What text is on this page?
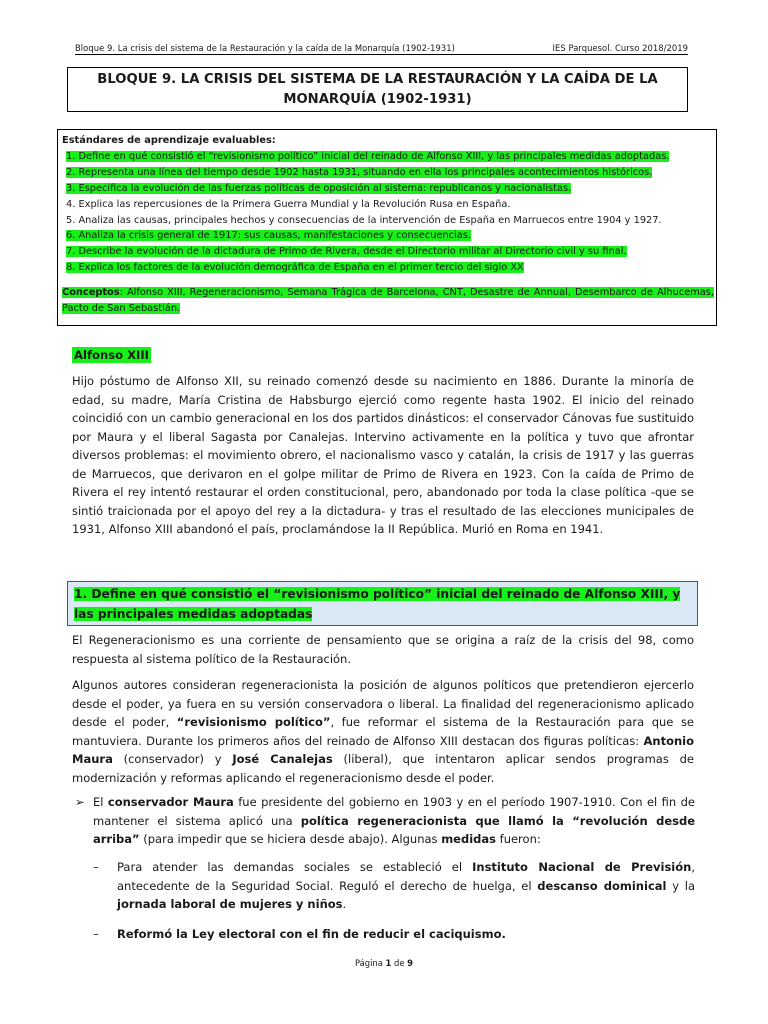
Bloque 9. La crisis del sistema de la Restauración y la caída de la Monarquía (1902-1931)	IES Parquesol. Curso 2018/2019
BLOQUE 9. LA CRISIS DEL SISTEMA DE LA RESTAURACIÓN Y LA CAÍDA DE LA
MONARQUÍA (1902-1931)
Estándares de aprendizaje evaluables:
1. Define en qué consistió el “revisionismo político” inicial del reinado de Alfonso XIII, y las principales medidas adoptadas.
2. Representa una línea del tiempo desde 1902 hasta 1931, situando en ella los principales acontecimientos históricos.
3. Especifica la evolución de las fuerzas políticas de oposición al sistema: republicanos y nacionalistas.
4. Explica las repercusiones de la Primera Guerra Mundial y la Revolución Rusa en España.
5. Analiza las causas, principales hechos y consecuencias de la intervención de España en Marruecos entre 1904 y 1927.
6. Analiza la crisis general de 1917: sus causas, manifestaciones y consecuencias.
7. Describe la evolución de la dictadura de Primo de Rivera, desde el Directorio militar al Directorio civil y su final.
8. Explica los factores de la evolución demográfica de España en el primer tercio del siglo XX
Conceptos: Alfonso XIII, Regeneracionismo, Semana Trágica de Barcelona, CNT, Desastre de Annual, Desembarco de Alhucemas, Pacto de San Sebastián.
Alfonso XIII
Hijo póstumo de Alfonso XII, su reinado comenzó desde su nacimiento en 1886. Durante la minoría de edad, su madre, María Cristina de Habsburgo ejerció como regente hasta 1902. El inicio del reinado coincidió con un cambio generacional en los dos partidos dinásticos: el conservador Cánovas fue sustituido por Maura y el liberal Sagasta por Canalejas. Intervino activamente en la política y tuvo que afrontar diversos problemas: el movimiento obrero, el nacionalismo vasco y catalán, la crisis de 1917 y las guerras de Marruecos, que derivaron en el golpe militar de Primo de Rivera en 1923. Con la caída de Primo de Rivera el rey intentó restaurar el orden constitucional, pero, abandonado por toda la clase política -que se sintió traicionada por el apoyo del rey a la dictadura- y tras el resultado de las elecciones municipales de 1931, Alfonso XIII abandonó el país, proclamándose la II República. Murió en Roma en 1941.
1. Define en qué consistió el “revisionismo político” inicial del reinado de Alfonso XIII, y las principales medidas adoptadas
El Regeneracionismo es una corriente de pensamiento que se origina a raíz de la crisis del 98, como respuesta al sistema político de la Restauración.
Algunos autores consideran regeneracionista la posición de algunos políticos que pretendieron ejercerlo desde el poder, ya fuera en su versión conservadora o liberal. La finalidad del regeneracionismo aplicado desde el poder, “revisionismo político”, fue reformar el sistema de la Restauración para que se mantuviera. Durante los primeros años del reinado de Alfonso XIII destacan dos figuras políticas: Antonio Maura (conservador) y José Canalejas (liberal), que intentaron aplicar sendos programas de modernización y reformas aplicando el regeneracionismo desde el poder.
➢ El conservador Maura fue presidente del gobierno en 1903 y en el período 1907-1910. Con el fin de mantener el sistema aplicó una política regeneracionista que llamó la “revolución desde arriba” (para impedir que se hiciera desde abajo). Algunas medidas fueron:
–	Para atender las demandas sociales se estableció el Instituto Nacional de Previsión, antecedente de la Seguridad Social. Reguló el derecho de huelga, el descanso dominical y la jornada laboral de mujeres y niños.
–	Reformó la Ley electoral con el fin de reducir el caciquismo.
Página 1 de 9
